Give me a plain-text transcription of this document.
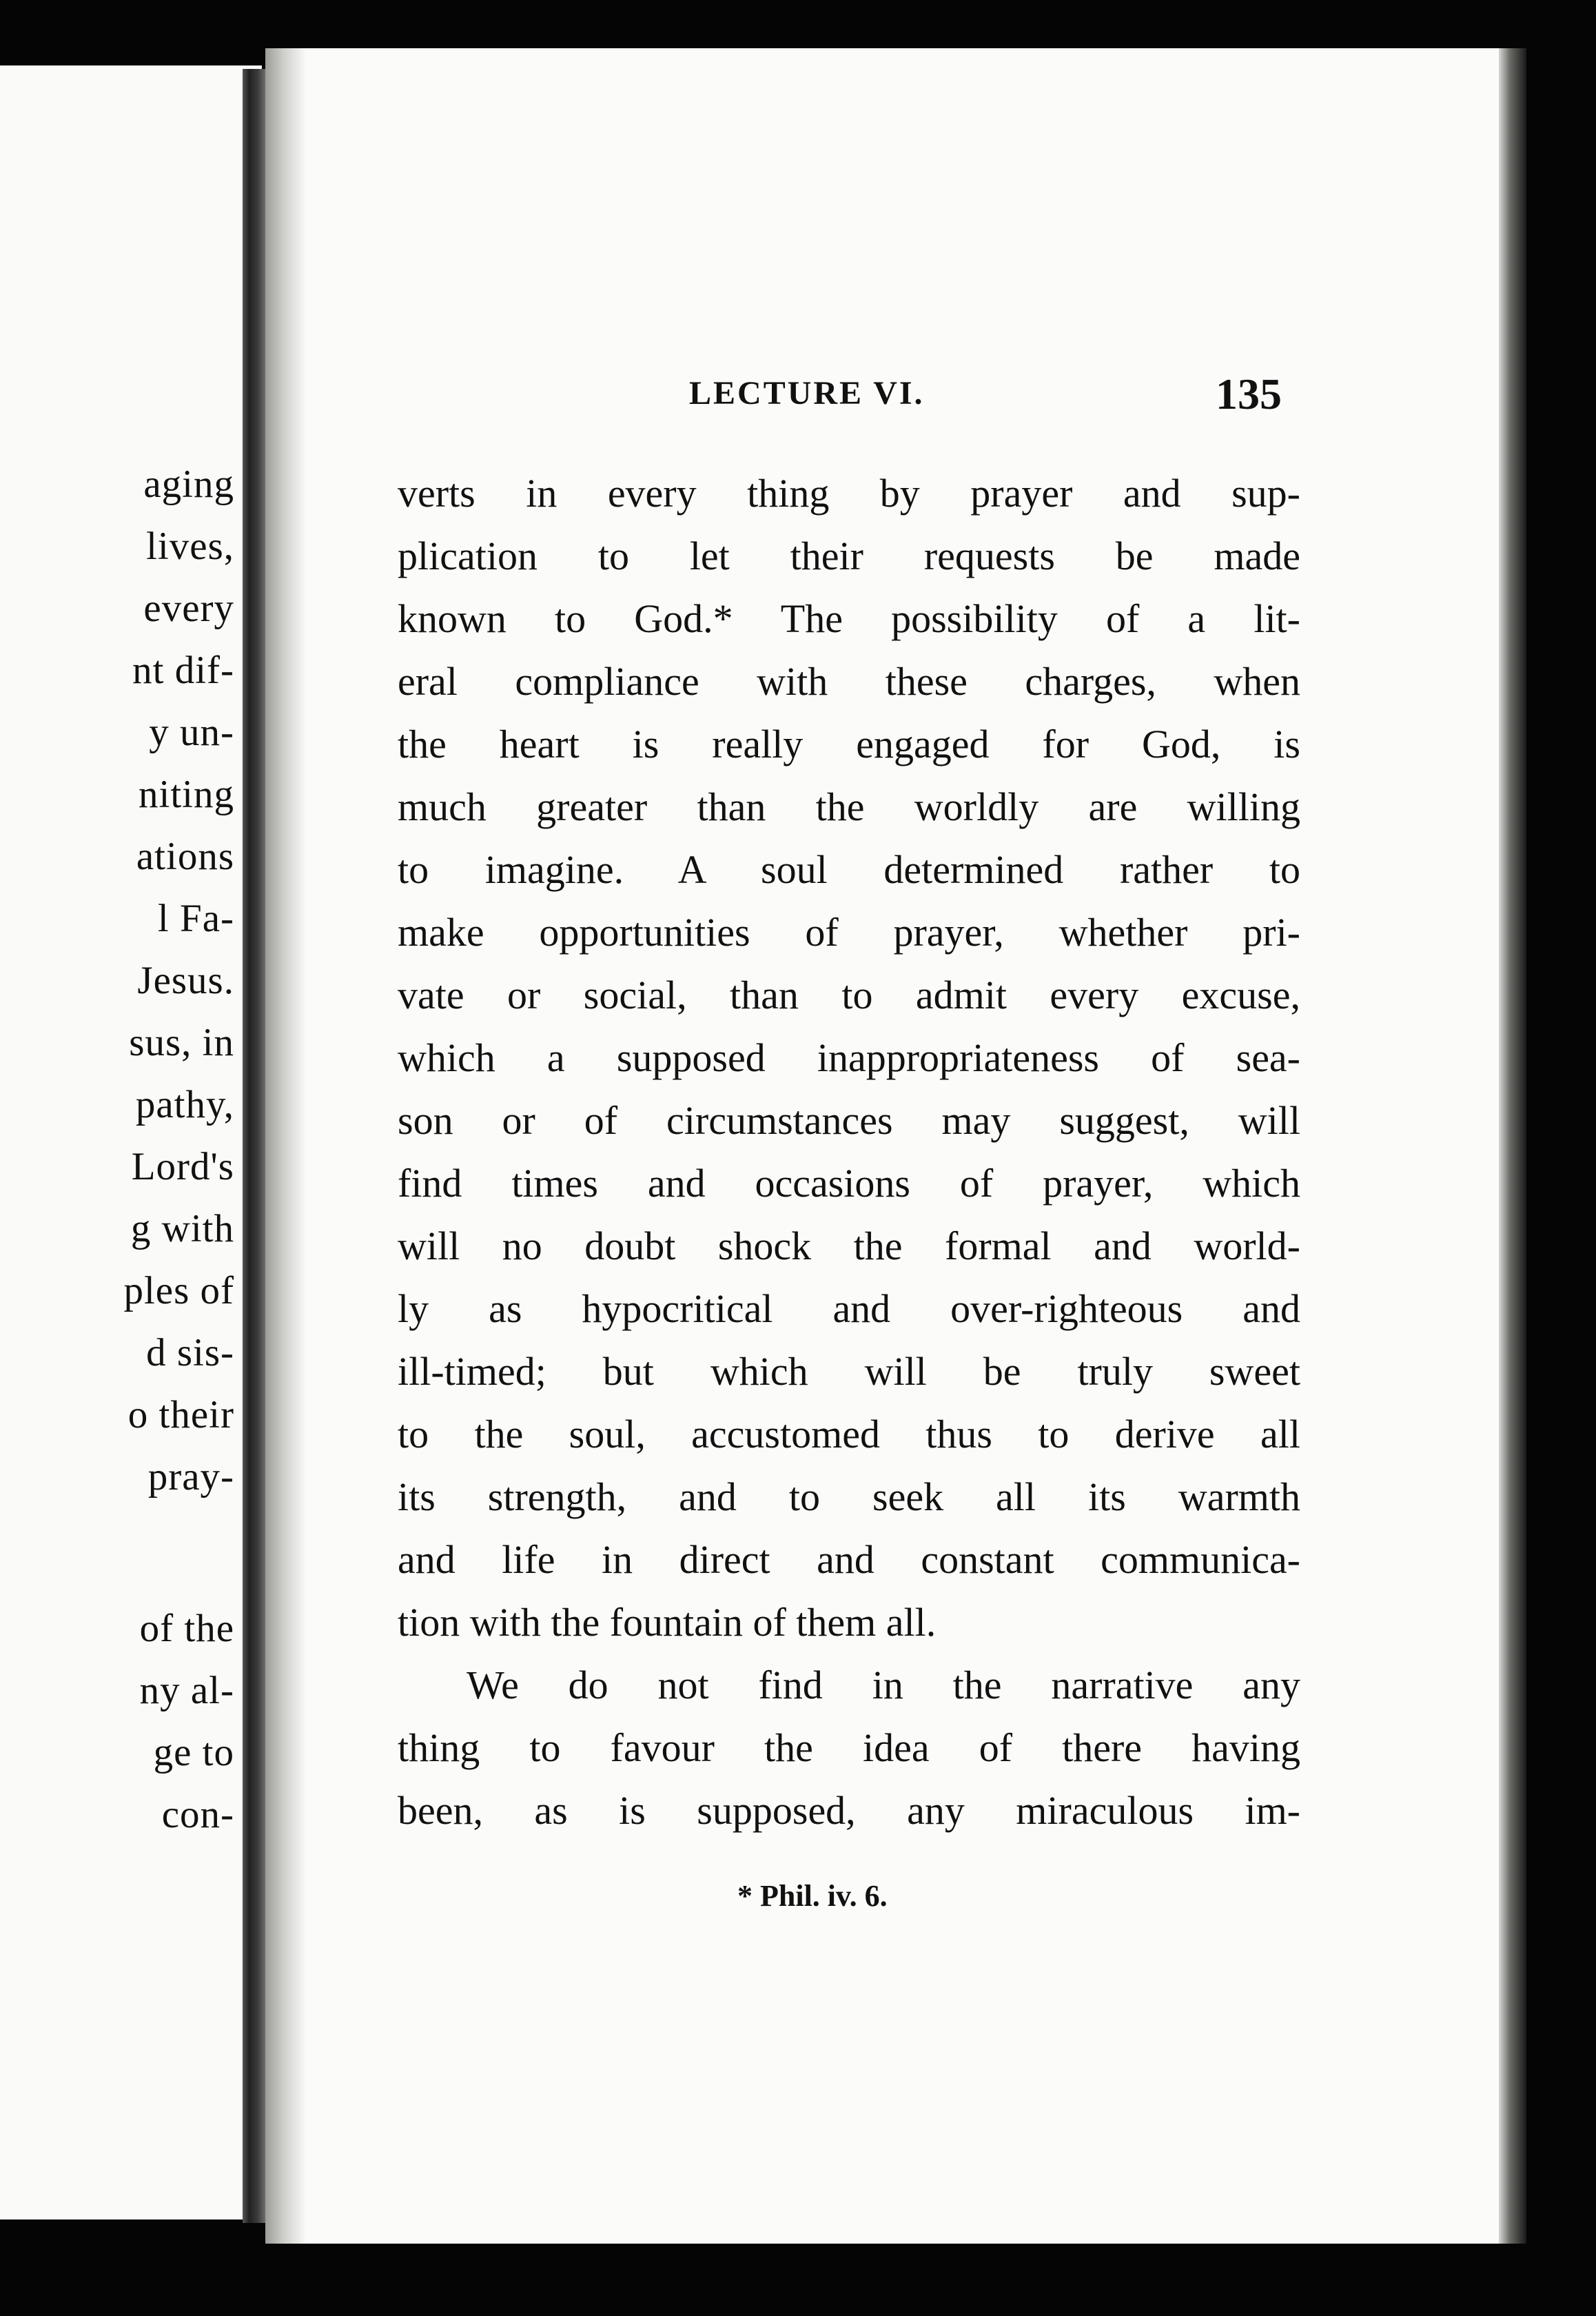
aging
lives,
every
nt dif-
y un-
niting
ations
l Fa-
Jesus.
sus, in
pathy,
Lord's
g with
ples of
d sis-
o their
pray-
of the
ny al-
ge to
con-
LECTURE VI.	135
verts in every thing by prayer and sup-
plication to let their requests be made
known to God.* The possibility of a lit-
eral compliance with these charges, when
the heart is really engaged for God, is
much greater than the worldly are willing
to imagine. A soul determined rather to
make opportunities of prayer, whether pri-
vate or social, than to admit every excuse,
which a supposed inappropriateness of sea-
son or of circumstances may suggest, will
find times and occasions of prayer, which
will no doubt shock the formal and world-
ly as hypocritical and over-righteous and
ill-timed; but which will be truly sweet
to the soul, accustomed thus to derive all
its strength, and to seek all its warmth
and life in direct and constant communica-
tion with the fountain of them all.
We do not find in the narrative any
thing to favour the idea of there having
been, as is supposed, any miraculous im-
* Phil. iv. 6.
